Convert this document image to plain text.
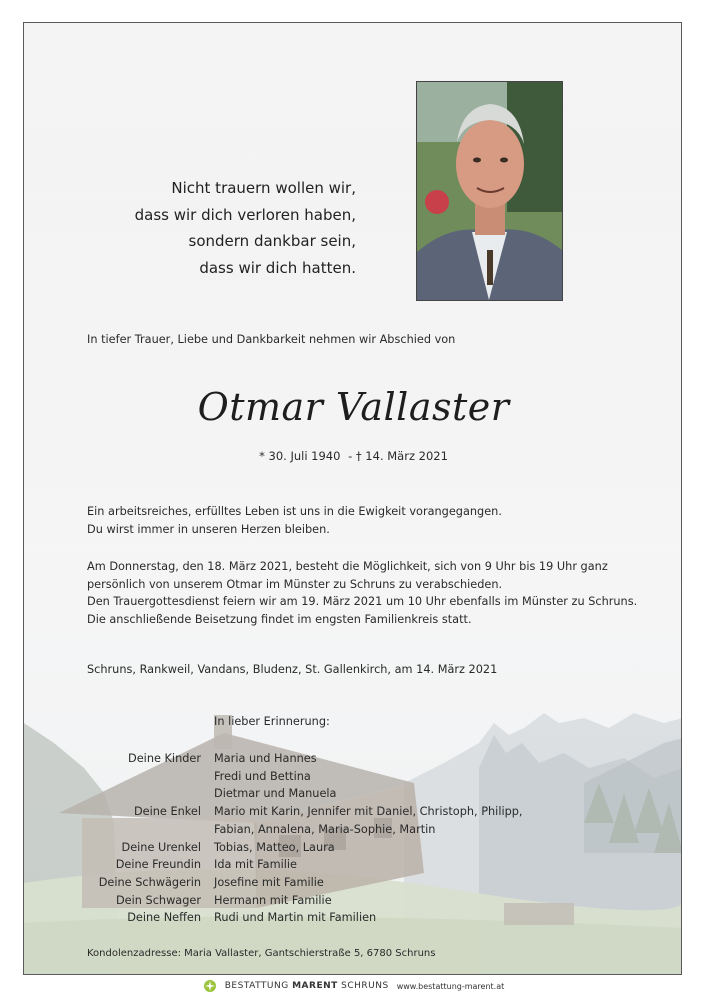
Nicht trauern wollen wir,
dass wir dich verloren haben,
sondern dankbar sein,
dass wir dich hatten.
In tiefer Trauer, Liebe und Dankbarkeit nehmen wir Abschied von
Otmar Vallaster
* 30. Juli 1940 - † 14. März 2021
Ein arbeitsreiches, erfülltes Leben ist uns in die Ewigkeit vorangegangen.
Du wirst immer in unseren Herzen bleiben.
Am Donnerstag, den 18. März 2021, besteht die Möglichkeit, sich von 9 Uhr bis 19 Uhr ganz
persönlich von unserem Otmar im Münster zu Schruns zu verabschieden.
Den Trauergottesdienst feiern wir am 19. März 2021 um 10 Uhr ebenfalls im Münster zu Schruns.
Die anschließende Beisetzung findet im engsten Familienkreis statt.
Schruns, Rankweil, Vandans, Bludenz, St. Gallenkirch, am 14. März 2021
In lieber Erinnerung:
Deine Kinder Maria und Hannes
Fredi und Bettina
Dietmar und Manuela
Deine Enkel Mario mit Karin, Jennifer mit Daniel, Christoph, Philipp,
Fabian, Annalena, Maria-Sophie, Martin
Deine Urenkel Tobias, Matteo, Laura
Deine Freundin Ida mit Familie
Deine Schwägerin Josefine mit Familie
Dein Schwager Hermann mit Familie
Deine Neffen Rudi und Martin mit Familien
Kondolenzadresse: Maria Vallaster, Gantschierstraße 5, 6780 Schruns
BESTATTUNG MARENT SCHRUNS www.bestattung-marent.at
